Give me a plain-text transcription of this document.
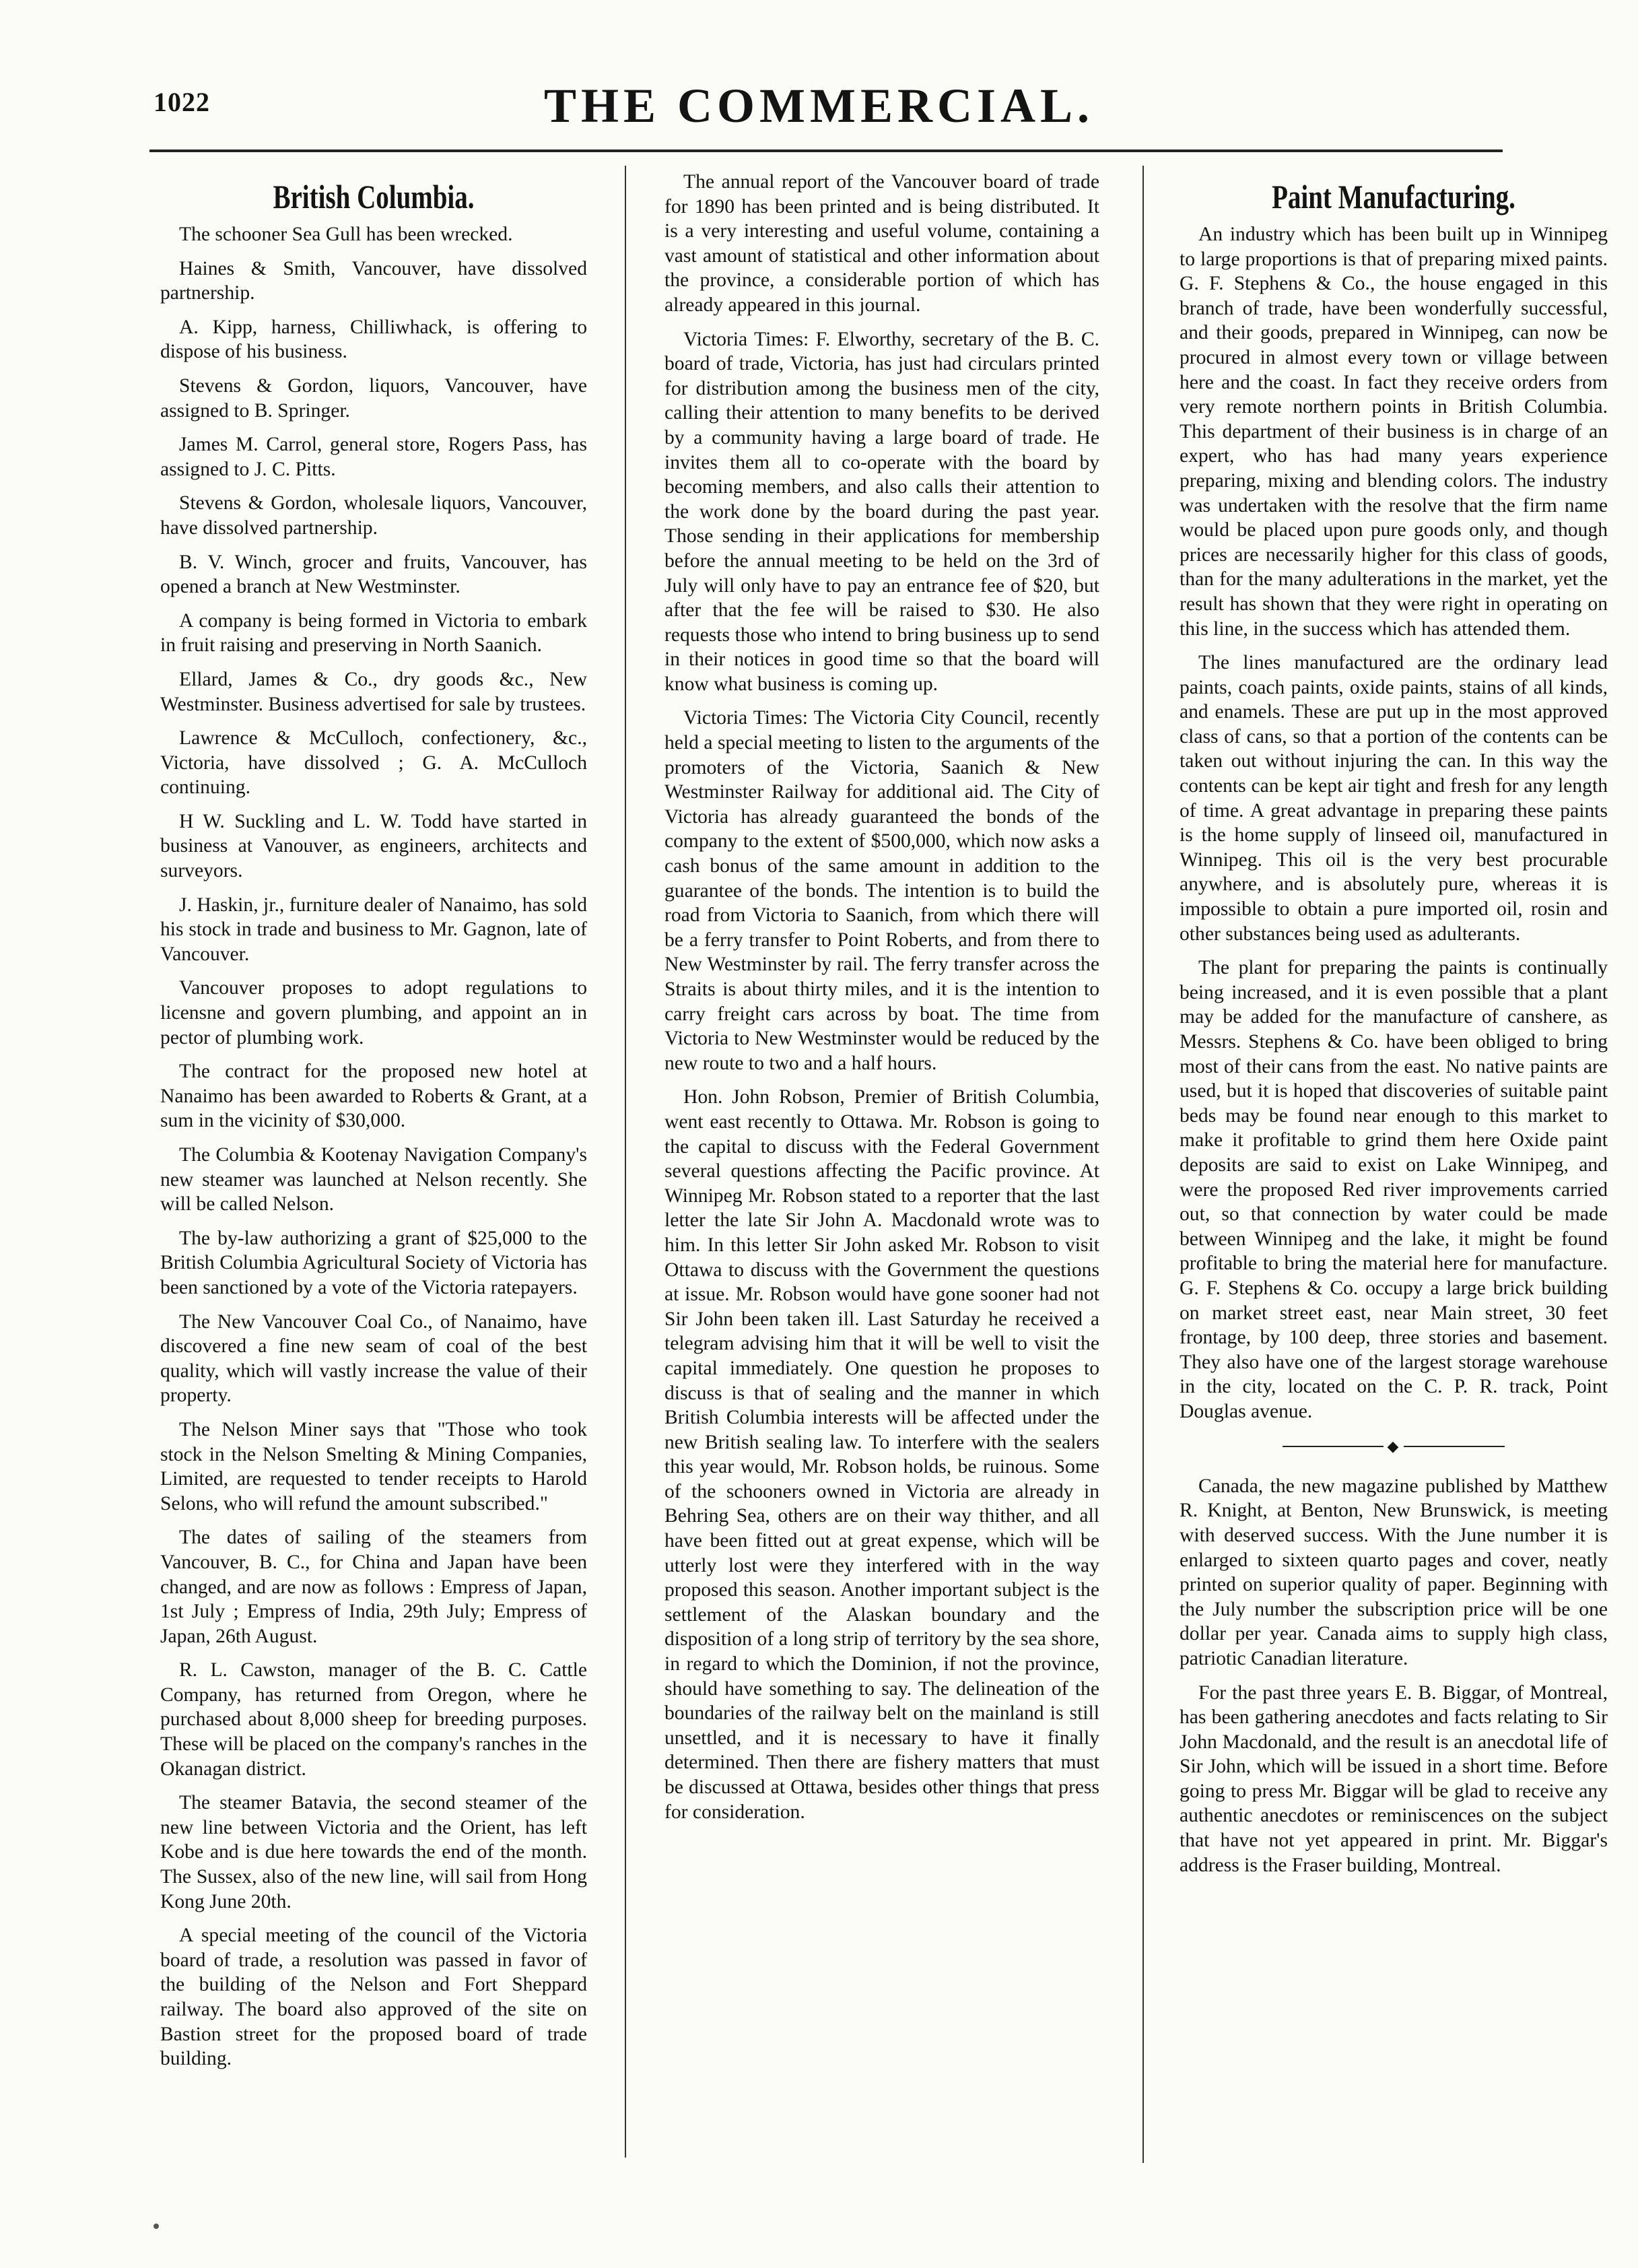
1022	THE COMMERCIAL.
British Columbia.

The schooner Sea Gull has been wrecked.

Haines & Smith, Vancouver, have dissolved partnership.

A. Kipp, harness, Chilliwhack, is offering to dispose of his business.

Stevens & Gordon, liquors, Vancouver, have assigned to B. Springer.

James M. Carrol, general store, Rogers Pass, has assigned to J. C. Pitts.

Stevens & Gordon, wholesale liquors, Vancouver, have dissolved partnership.

B. V. Winch, grocer and fruits, Vancouver, has opened a branch at New Westminster.

A company is being formed in Victoria to embark in fruit raising and preserving in North Saanich.

Ellard, James & Co., dry goods &c., New Westminster. Business advertised for sale by trustees.

Lawrence & McCulloch, confectionery, &c., Victoria, have dissolved ; G. A. McCulloch continuing.

H W. Suckling and L. W. Todd have started in business at Vanouver, as engineers, architects and surveyors.

J. Haskin, jr., furniture dealer of Nanaimo, has sold his stock in trade and business to Mr. Gagnon, late of Vancouver.

Vancouver proposes to adopt regulations to licensne and govern plumbing, and appoint an in pector of plumbing work.

The contract for the proposed new hotel at Nanaimo has been awarded to Roberts & Grant, at a sum in the vicinity of $30,000.

The Columbia & Kootenay Navigation Company's new steamer was launched at Nelson recently. She will be called Nelson.

The by-law authorizing a grant of $25,000 to the British Columbia Agricultural Society of Victoria has been sanctioned by a vote of the Victoria ratepayers.

The New Vancouver Coal Co., of Nanaimo, have discovered a fine new seam of coal of the best quality, which will vastly increase the value of their property.

The Nelson Miner says that "Those who took stock in the Nelson Smelting & Mining Companies, Limited, are requested to tender receipts to Harold Selons, who will refund the amount subscribed."

The dates of sailing of the steamers from Vancouver, B. C., for China and Japan have been changed, and are now as follows : Empress of Japan, 1st July ; Empress of India, 29th July; Empress of Japan, 26th August.

R. L. Cawston, manager of the B. C. Cattle Company, has returned from Oregon, where he purchased about 8,000 sheep for breeding purposes. These will be placed on the company's ranches in the Okanagan district.

The steamer Batavia, the second steamer of the new line between Victoria and the Orient, has left Kobe and is due here towards the end of the month. The Sussex, also of the new line, will sail from Hong Kong June 20th.

A special meeting of the council of the Victoria board of trade, a resolution was passed in favor of the building of the Nelson and Fort Sheppard railway. The board also approved of the site on Bastion street for the proposed board of trade building.

The annual report of the Vancouver board of trade for 1890 has been printed and is being distributed. It is a very interesting and useful volume, containing a vast amount of statistical and other information about the province, a considerable portion of which has already appeared in this journal.

Victoria Times: F. Elworthy, secretary of the B. C. board of trade, Victoria, has just had circulars printed for distribution among the business men of the city, calling their attention to many benefits to be derived by a community having a large board of trade. He invites them all to co-operate with the board by becoming members, and also calls their attention to the work done by the board during the past year. Those sending in their applications for membership before the annual meeting to be held on the 3rd of July will only have to pay an entrance fee of $20, but after that the fee will be raised to $30. He also requests those who intend to bring business up to send in their notices in good time so that the board will know what business is coming up.

Victoria Times: The Victoria City Council, recently held a special meeting to listen to the arguments of the promoters of the Victoria, Saanich & New Westminster Railway for additional aid. The City of Victoria has already guaranteed the bonds of the company to the extent of $500,000, which now asks a cash bonus of the same amount in addition to the guarantee of the bonds. The intention is to build the road from Victoria to Saanich, from which there will be a ferry transfer to Point Roberts, and from there to New Westminster by rail. The ferry transfer across the Straits is about thirty miles, and it is the intention to carry freight cars across by boat. The time from Victoria to New Westminster would be reduced by the new route to two and a half hours.

Hon. John Robson, Premier of British Columbia, went east recently to Ottawa. Mr. Robson is going to the capital to discuss with the Federal Government several questions affecting the Pacific province. At Winnipeg Mr. Robson stated to a reporter that the last letter the late Sir John A. Macdonald wrote was to him. In this letter Sir John asked Mr. Robson to visit Ottawa to discuss with the Government the questions at issue. Mr. Robson would have gone sooner had not Sir John been taken ill. Last Saturday he received a telegram advising him that it will be well to visit the capital immediately. One question he proposes to discuss is that of sealing and the manner in which British Columbia interests will be affected under the new British sealing law. To interfere with the sealers this year would, Mr. Robson holds, be ruinous. Some of the schooners owned in Victoria are already in Behring Sea, others are on their way thither, and all have been fitted out at great expense, which will be utterly lost were they interfered with in the way proposed this season. Another important subject is the settlement of the Alaskan boundary and the disposition of a long strip of territory by the sea shore, in regard to which the Dominion, if not the province, should have something to say. The delineation of the boundaries of the railway belt on the mainland is still unsettled, and it is necessary to have it finally determined. Then there are fishery matters that must be discussed at Ottawa, besides other things that press for consideration.

Paint Manufacturing.

An industry which has been built up in Winnipeg to large proportions is that of preparing mixed paints. G. F. Stephens & Co., the house engaged in this branch of trade, have been wonderfully successful, and their goods, prepared in Winnipeg, can now be procured in almost every town or village between here and the coast. In fact they receive orders from very remote northern points in British Columbia. This department of their business is in charge of an expert, who has had many years experience preparing, mixing and blending colors. The industry was undertaken with the resolve that the firm name would be placed upon pure goods only, and though prices are necessarily higher for this class of goods, than for the many adulterations in the market, yet the result has shown that they were right in operating on this line, in the success which has attended them.

The lines manufactured are the ordinary lead paints, coach paints, oxide paints, stains of all kinds, and enamels. These are put up in the most approved class of cans, so that a portion of the contents can be taken out without injuring the can. In this way the contents can be kept air tight and fresh for any length of time. A great advantage in preparing these paints is the home supply of linseed oil, manufactured in Winnipeg. This oil is the very best procurable anywhere, and is absolutely pure, whereas it is impossible to obtain a pure imported oil, rosin and other substances being used as adulterants.

The plant for preparing the paints is continually being increased, and it is even possible that a plant may be added for the manufacture of canshere, as Messrs. Stephens & Co. have been obliged to bring most of their cans from the east. No native paints are used, but it is hoped that discoveries of suitable paint beds may be found near enough to this market to make it profitable to grind them here Oxide paint deposits are said to exist on Lake Winnipeg, and were the proposed Red river improvements carried out, so that connection by water could be made between Winnipeg and the lake, it might be found profitable to bring the material here for manufacture. G. F. Stephens & Co. occupy a large brick building on market street east, near Main street, 30 feet frontage, by 100 deep, three stories and basement. They also have one of the largest storage warehouse in the city, located on the C. P. R. track, Point Douglas avenue.

◆

Canada, the new magazine published by Matthew R. Knight, at Benton, New Brunswick, is meeting with deserved success. With the June number it is enlarged to sixteen quarto pages and cover, neatly printed on superior quality of paper. Beginning with the July number the subscription price will be one dollar per year. Canada aims to supply high class, patriotic Canadian literature.

For the past three years E. B. Biggar, of Montreal, has been gathering anecdotes and facts relating to Sir John Macdonald, and the result is an anecdotal life of Sir John, which will be issued in a short time. Before going to press Mr. Biggar will be glad to receive any authentic anecdotes or reminiscences on the subject that have not yet appeared in print. Mr. Biggar's address is the Fraser building, Montreal.
